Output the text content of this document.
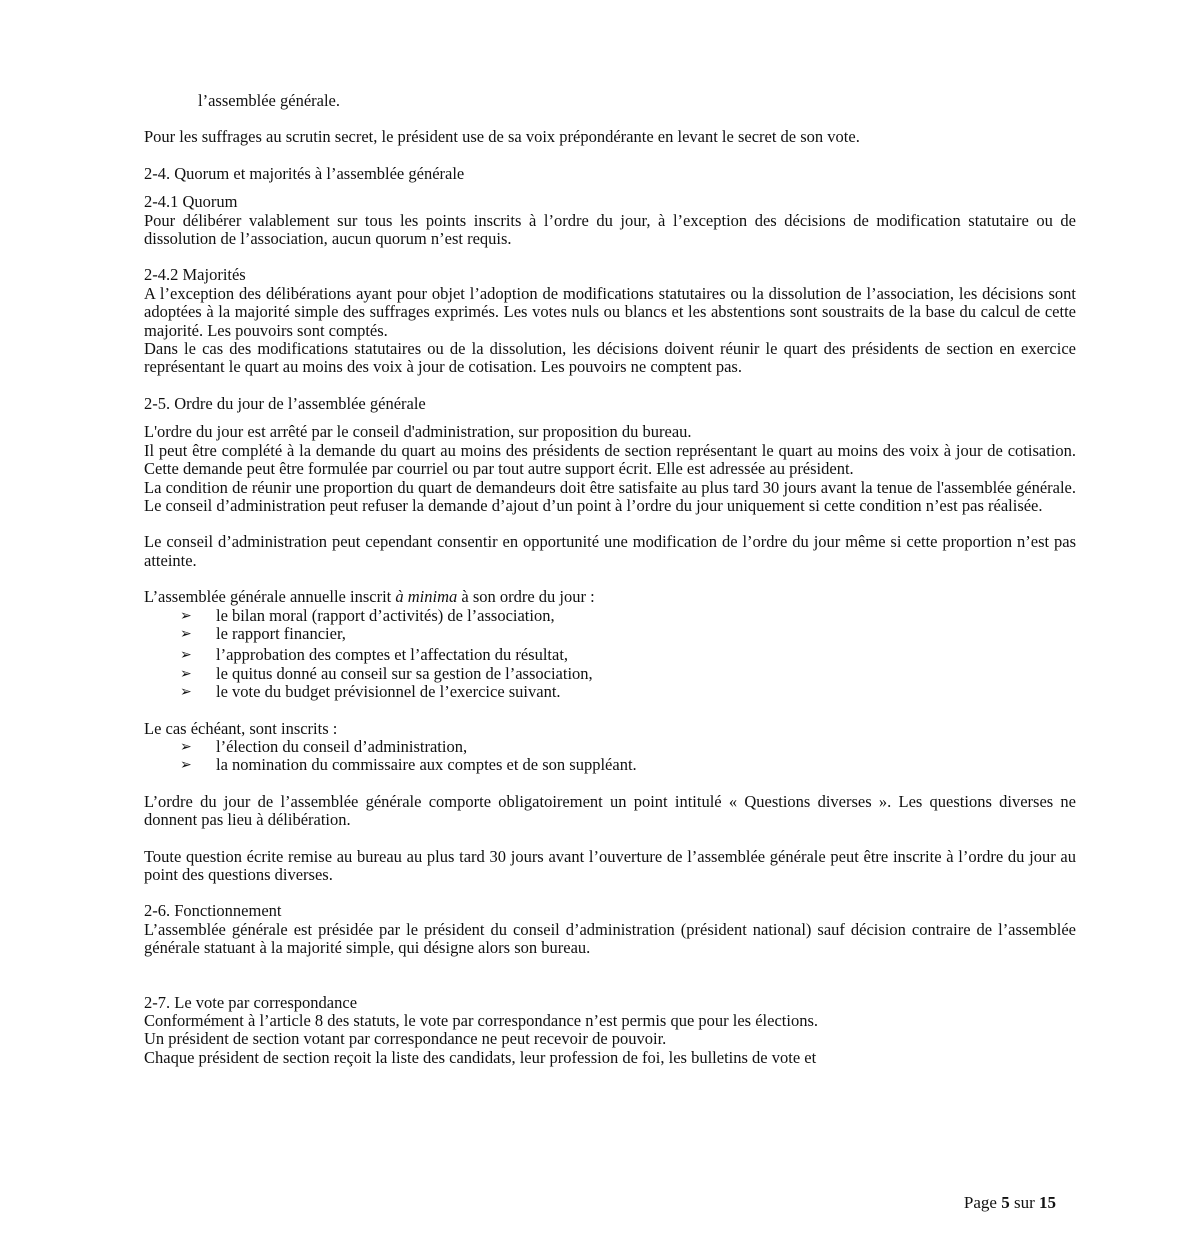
l’assemblée générale.

Pour les suffrages au scrutin secret, le président use de sa voix prépondérante en levant le secret de son vote.

2-4. Quorum et majorités à l’assemblée générale

2-4.1 Quorum

Pour délibérer valablement sur tous les points inscrits à l’ordre du jour, à l’exception des décisions de modification statutaire ou de dissolution de l’association, aucun quorum n’est requis.

2-4.2 Majorités

A l’exception des délibérations ayant pour objet l’adoption de modifications statutaires ou la dissolution de l’association, les décisions sont adoptées à la majorité simple des suffrages exprimés. Les votes nuls ou blancs et les abstentions sont soustraits de la base du calcul de cette majorité. Les pouvoirs sont comptés.

Dans le cas des modifications statutaires ou de la dissolution, les décisions doivent réunir le quart des présidents de section en exercice représentant le quart au moins des voix à jour de cotisation. Les pouvoirs ne comptent pas.

2-5. Ordre du jour de l’assemblée générale

L'ordre du jour est arrêté par le conseil d'administration, sur proposition du bureau.

Il peut être complété à la demande du quart au moins des présidents de section représentant le quart au moins des voix à jour de cotisation. Cette demande peut être formulée par courriel ou par tout autre support écrit. Elle est adressée au président.

La condition de réunir une proportion du quart de demandeurs doit être satisfaite au plus tard 30 jours avant la tenue de l'assemblée générale. Le conseil d’administration peut refuser la demande d’ajout d’un point à l’ordre du jour uniquement si cette condition n’est pas réalisée.

Le conseil d’administration peut cependant consentir en opportunité une modification de l’ordre du jour même si cette proportion n’est pas atteinte.

L’assemblée générale annuelle inscrit à minima à son ordre du jour :

➢ le bilan moral (rapport d’activités) de l’association,
➢ le rapport financier,
➢ l’approbation des comptes et l’affectation du résultat,
➢ le quitus donné au conseil sur sa gestion de l’association,
➢ le vote du budget prévisionnel de l’exercice suivant.

Le cas échéant, sont inscrits :

➢ l’élection du conseil d’administration,
➢ la nomination du commissaire aux comptes et de son suppléant.

L’ordre du jour de l’assemblée générale comporte obligatoirement un point intitulé « Questions diverses ». Les questions diverses ne donnent pas lieu à délibération.

Toute question écrite remise au bureau au plus tard 30 jours avant l’ouverture de l’assemblée générale peut être inscrite à l’ordre du jour au point des questions diverses.

2-6. Fonctionnement

L’assemblée générale est présidée par le président du conseil d’administration (président national) sauf décision contraire de l’assemblée générale statuant à la majorité simple, qui désigne alors son bureau.

2-7. Le vote par correspondance

Conformément à l’article 8 des statuts, le vote par correspondance n’est permis que pour les élections.

Un président de section votant par correspondance ne peut recevoir de pouvoir.

Chaque président de section reçoit la liste des candidats, leur profession de foi, les bulletins de vote et

Page 5 sur 15
